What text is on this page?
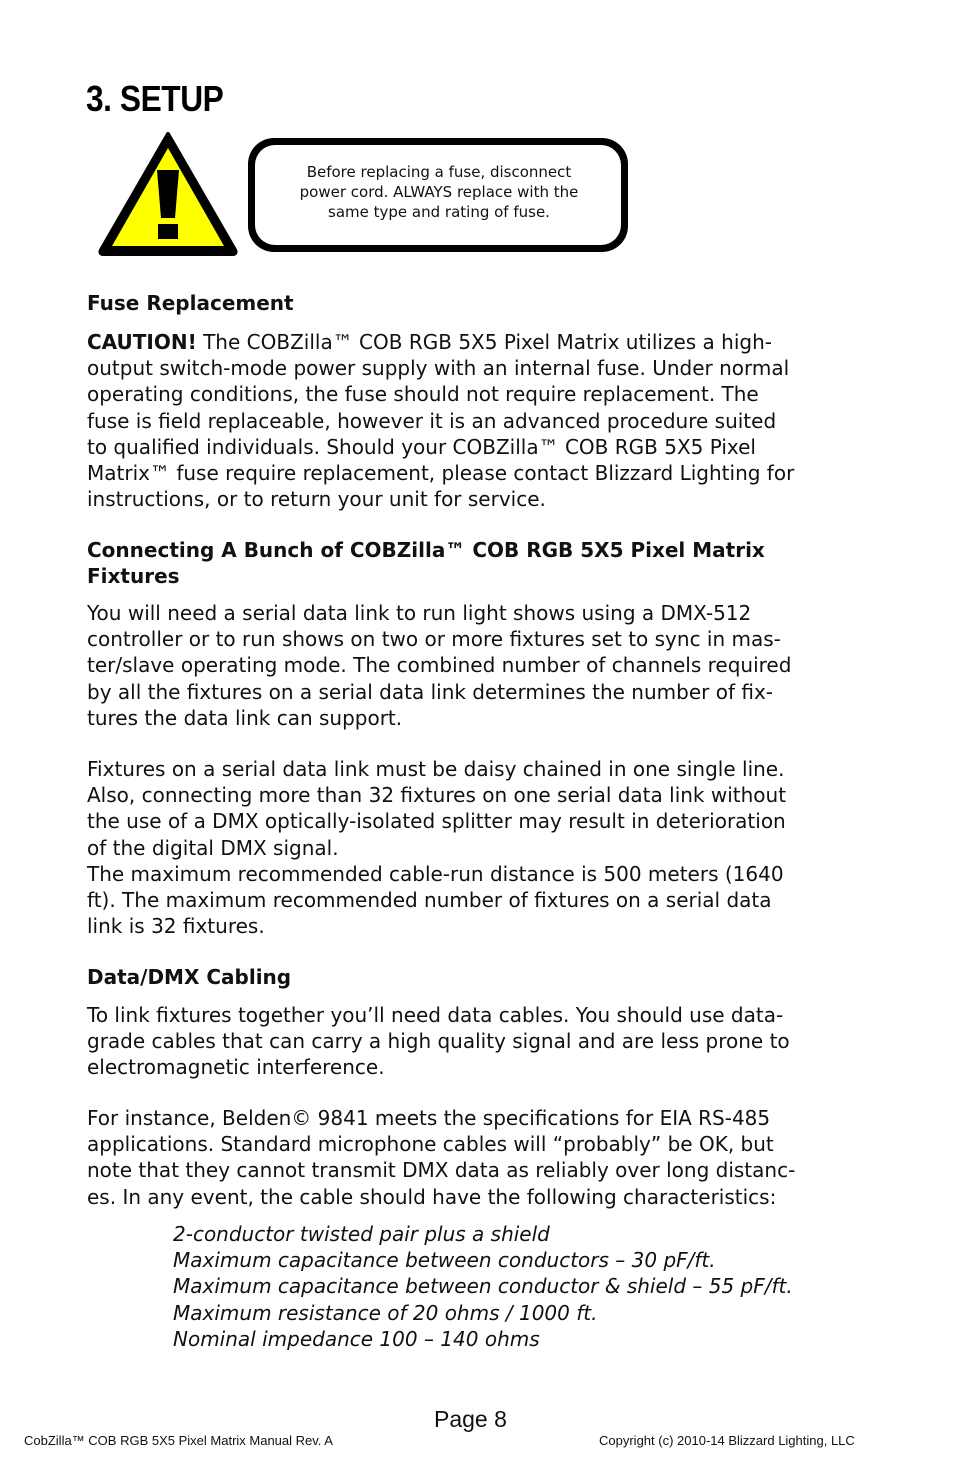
3. SETUP
Before replacing a fuse, disconnect
power cord. ALWAYS replace with the
same type and rating of fuse.
Fuse Replacement

CAUTION! The COBZilla™ COB RGB 5X5 Pixel Matrix utilizes a high-

output switch-mode power supply with an internal fuse. Under normal

operating conditions, the fuse should not require replacement. The

fuse is field replaceable, however it is an advanced procedure suited

to qualified individuals. Should your COBZilla™ COB RGB 5X5 Pixel

Matrix™ fuse require replacement, please contact Blizzard Lighting for

instructions, or to return your unit for service.

Connecting A Bunch of COBZilla™ COB RGB 5X5 Pixel Matrix
Fixtures

You will need a serial data link to run light shows using a DMX-512

controller or to run shows on two or more fixtures set to sync in mas-

ter/slave operating mode. The combined number of channels required

by all the fixtures on a serial data link determines the number of fix-

tures the data link can support.

Fixtures on a serial data link must be daisy chained in one single line.

Also, connecting more than 32 fixtures on one serial data link without

the use of a DMX optically-isolated splitter may result in deterioration

of the digital DMX signal.

The maximum recommended cable-run distance is 500 meters (1640

ft). The maximum recommended number of fixtures on a serial data

link is 32 fixtures.

Data/DMX Cabling

To link fixtures together you’ll need data cables. You should use data-

grade cables that can carry a high quality signal and are less prone to

electromagnetic interference.

For instance, Belden© 9841 meets the specifications for EIA RS-485

applications. Standard microphone cables will “probably” be OK, but

note that they cannot transmit DMX data as reliably over long distanc-

es. In any event, the cable should have the following characteristics:

2-conductor twisted pair plus a shield

Maximum capacitance between conductors – 30 pF/ft.

Maximum capacitance between conductor & shield – 55 pF/ft.

Maximum resistance of 20 ohms / 1000 ft.

Nominal impedance 100 – 140 ohms

Page 8
CobZilla™ COB RGB 5X5 Pixel Matrix Manual Rev. A	Copyright (c) 2010-14 Blizzard Lighting, LLC
